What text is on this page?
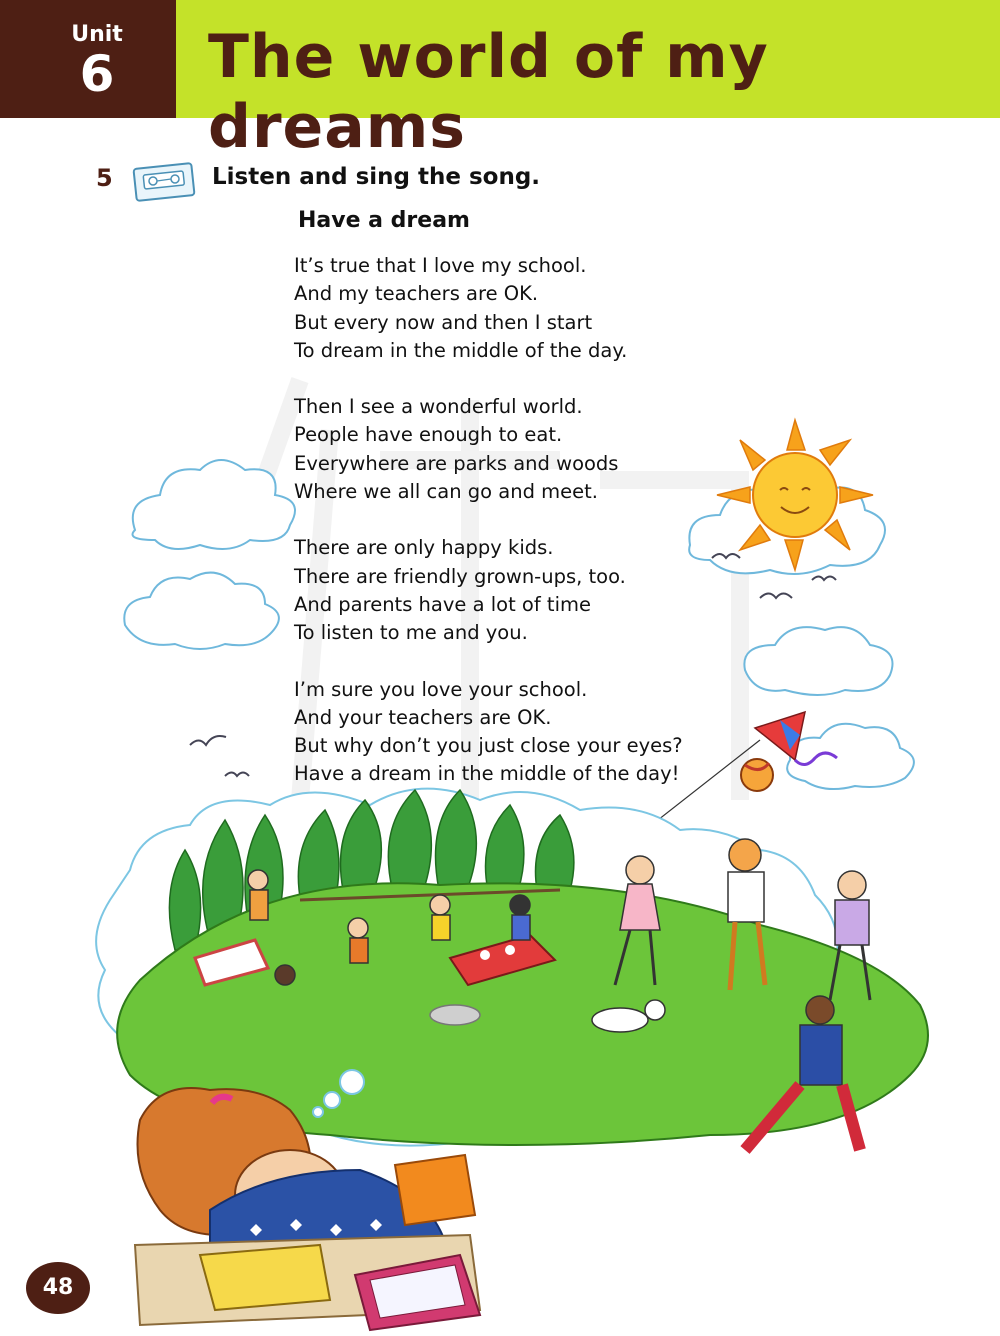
Unit
6 The world of my dreams
5	Listen and sing the song.
Have a dream
It’s true that I love my school.
And my teachers are OK.
But every now and then I start
To dream in the middle of the day.
Then I see a wonderful world.
People have enough to eat.
Everywhere are parks and woods
Where we all can go and meet.
There are only happy kids.
There are friendly grown-ups, too.
And parents have a lot of time
To listen to me and you.
I’m sure you love your school.
And your teachers are OK.
But why don’t you just close your eyes?
Have a dream in the middle of the day!
48
